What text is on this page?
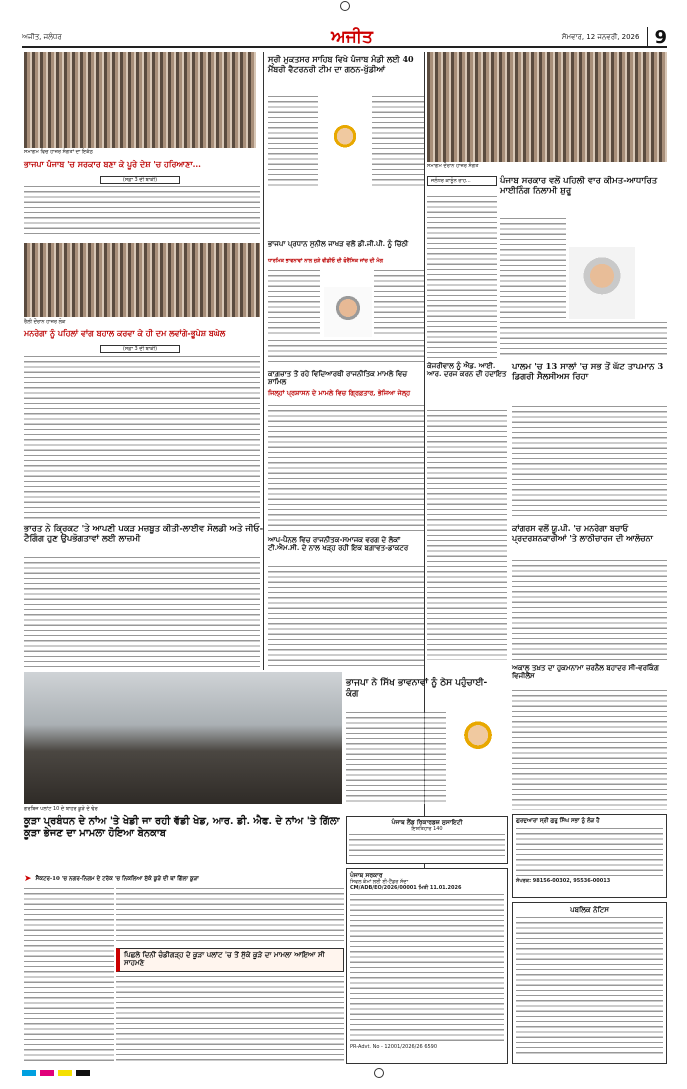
ਅਜੀਤ, ਜਲੰਧਰ	ਅਜੀਤ	ਸੋਮਵਾਰ, 12 ਜਨਵਰੀ, 2026 9
ਸਮਾਗਮ ਵਿਚ ਹਾਜ਼ਰ ਸੰਗਤਾਂ ਦਾ ਇਕੱਠ
ਭਾਜਪਾ ਪੰਜਾਬ 'ਚ ਸਰਕਾਰ ਬਣਾ ਕੇ ਪੂਰੇ ਦੇਸ਼ 'ਚ ਹਰਿਆਣਾ...
(ਸਫ਼ਾ 3 ਦੀ ਬਾਕੀ)
ਰੈਲੀ ਦੌਰਾਨ ਹਾਜ਼ਰ ਲੋਕ
ਮਨਰੇਗਾ ਨੂੰ ਪਹਿਲਾਂ ਵਾਂਗ ਬਹਾਲ ਕਰਵਾ ਕੇ ਹੀ ਦਮ ਲਵਾਂਗੇ-ਭੂਪੇਸ਼ ਬਘੇਲ
(ਸਫ਼ਾ 3 ਦੀ ਬਾਕੀ)
ਭਾਰਤ ਨੇ ਕ੍ਰਿਕਟ 'ਤੇ ਆਪਣੀ ਪਕੜ ਮਜ਼ਬੂਤ ਕੀਤੀ-ਲਾਈਵ ਸੋਲਡੀ ਅਤੇ ਜੀਓ-ਟੈਗਿੰਗ ਹੁਣ ਉਪਭੋਗਤਾਵਾਂ ਲਈ ਲਾਜ਼ਮੀ
ਸ੍ਰੀ ਮੁਕਤਸਰ ਸਾਹਿਬ ਵਿਖੇ ਪੰਜਾਬ ਮੰਡੀ ਲਈ 40 ਮੈਂਬਰੀ ਵੈਟਰਨਰੀ ਟੀਮ ਦਾ ਗਠਨ-ਖੁੱਡੀਆਂ
ਭਾਜਪਾ ਪ੍ਰਧਾਨ ਸੁਨੀਲ ਜਾਖੜ ਵਲੋਂ ਡੀ.ਜੀ.ਪੀ. ਨੂੰ ਚਿੱਠੀ
ਧਾਰਮਿਕ ਭਾਵਨਾਵਾਂ ਨਾਲ ਜੁੜੇ ਵੀਡੀਓ ਦੀ ਫੋਰੈਂਸਿਕ ਜਾਂਚ ਦੀ ਮੰਗ
ਕਾਗ਼ਜ਼ਾਤ ਤੋਂ ਰਹੇ ਵਿਦਿਆਰਥੀ ਰਾਜਨੀਤਿਕ ਮਾਮਲੇ ਵਿਚ ਸ਼ਾਮਿਲ
ਜਿਲ੍ਹਾਂ ਪ੍ਰਸ਼ਾਸਨ ਦੇ ਮਾਮਲੇ ਵਿਚ ਗ੍ਰਿਫ਼ਤਾਰ, ਭੇਜਿਆ ਜੇਲ੍ਹ
ਆਪ-ਪੈਨਲ ਵਿਚ ਰਾਜਨੀਤਕ-ਸਮਾਜਕ ਵਰਗ ਦੇ ਲੋਕਾਂ ਟੀ.ਐਮ.ਸੀ. ਦੇ ਨਾਲ ਖੜ੍ਹ ਰਹੀ ਇਕ ਬਗ਼ਾਵਤ-ਡਾਕਟਰ
ਸਮਾਗਮ ਦੌਰਾਨ ਹਾਜ਼ਰ ਸੰਗਤ
ਜਲੰਧਰ ਕਾਨੂੰਨ ਰਾਹ...	ਪੰਜਾਬ ਸਰਕਾਰ ਵਲੋਂ ਪਹਿਲੀ ਵਾਰ ਕੀਮਤ-ਆਧਾਰਿਤ ਮਾਈਨਿੰਗ ਨਿਲਾਮੀ ਸ਼ੁਰੂ
ਕੇਜਰੀਵਾਲ ਨੂੰ ਐਡ. ਆਈ. ਆਰ. ਦਰਜ ਕਰਨ ਦੀ ਹਦਾਇਤ
ਪਾਲਮ 'ਚ 13 ਸਾਲਾਂ 'ਚ ਸਭ ਤੋਂ ਘੱਟ ਤਾਪਮਾਨ 3 ਡਿਗਰੀ ਸੈਲਸੀਅਸ ਰਿਹਾ
ਕਾਂਗਰਸ ਵਲੋਂ ਯੂ.ਪੀ. 'ਚ ਮਨਰੇਗਾ ਬਚਾਓ ਪ੍ਰਦਰਸ਼ਨਕਾਰੀਆਂ 'ਤੇ ਲਾਠੀਚਾਰਜ ਦੀ ਆਲੋਚਨਾ
ਗਰਬਿਜ ਪਲਾਂਟ 10 ਦੇ ਬਾਹਰ ਕੂੜੇ ਦੇ ਢੇਰ
ਭਾਜਪਾ ਨੇ ਸਿੱਖ ਭਾਵਨਾਵਾਂ ਨੂੰ ਠੇਸ ਪਹੁੰਚਾਈ-ਕੰਗ
ਅਕਾਲ ਤਖ਼ਤ ਦਾ ਹੁਕਮਨਾਮਾ ਜ਼ਰਨੈਲ ਬਹਾਦਰ ਸੀ-ਵਰਕਿੰਗ ਵਿਜੀਲੈਂਸ
ਕੂੜਾ ਪ੍ਰਬੰਧਨ ਦੇ ਨਾਂਅ 'ਤੇ ਖੇਡੀ ਜਾ ਰਹੀ ਵੱਡੀ ਖੇਡ, ਆਰ. ਡੀ. ਐਫ. ਦੇ ਨਾਂਅ 'ਤੇ ਗਿੱਲਾ ਕੂੜਾ ਭੇਜਣ ਦਾ ਮਾਮਲਾ ਹੋਇਆ ਬੇਨਕਾਬ
➤ ਸੈਕਟਰ-10 'ਚ ਨਗਰ-ਨਿਗਮ ਦੇ ਟਰੱਕ 'ਚ ਨਿਕਲਿਆ ਸੁੱਕੇ ਕੂੜੇ ਦੀ ਥਾਂ ਗਿੱਲਾ ਕੂੜਾ
ਪਿਛਲੇ ਦਿਨੀਂ ਚੰਡੀਗੜ੍ਹ ਦੇ ਕੂੜਾ ਪਲਾਂਟ 'ਚ ਤੋਂ ਸੁੱਕੇ ਕੂੜੇ ਦਾ ਮਾਮਲਾ ਆਇਆ ਸੀ ਸਾਹਮਣੇ
ਪੰਜਾਬ ਲੈਂਡ ਰਿਕਾਰਡਜ਼ ਸੁਸਾਇਟੀ
ਇਸ਼ਤਿਹਾਰ 140
ਪੰਜਾਬ ਸਰਕਾਰ
ਸਿਵਲ ਕੰਮਾਂ ਲਈ ਈ-ਟੈਂਡਰ ਸੱਦਾ
CM/ADB/EO/2026/00001 ਮਿਤੀ 11.01.2026
PR-Advt. No - 12001/2026/26 6590
ਗੁਰਦੁਆਰਾ ਸ੍ਰੀ ਗੁਰੂ ਸਿੰਘ ਸਭਾ ਨੂੰ ਲੋੜ ਹੈ
ਸੰਪਰਕ: 98156-00302, 95536-00013
ਪਬਲਿਕ ਨੋਟਿਸ
